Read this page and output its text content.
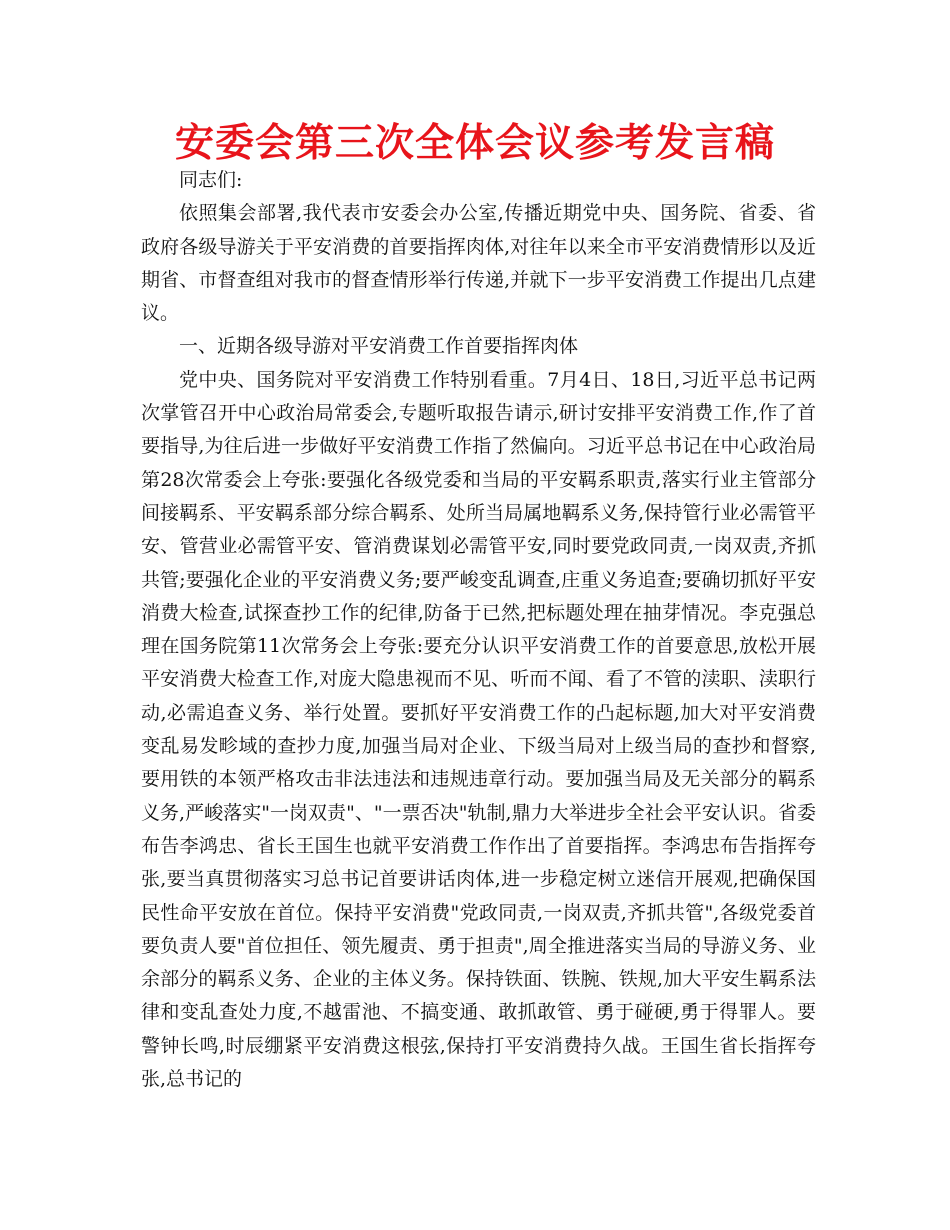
安委会第三次全体会议参考发言稿

同志们:

依照集会部署,我代表市安委会办公室,传播近期党中央、国务院、省委、省政府各级导游关于平安消费的首要指挥肉体,对往年以来全市平安消费情形以及近期省、市督查组对我市的督查情形举行传递,并就下一步平安消费工作提出几点建议。

一、近期各级导游对平安消费工作首要指挥肉体

党中央、国务院对平安消费工作特别看重。7月4日、18日,习近平总书记两次掌管召开中心政治局常委会,专题听取报告请示,研讨安排平安消费工作,作了首要指导,为往后进一步做好平安消费工作指了然偏向。习近平总书记在中心政治局第28次常委会上夸张:要强化各级党委和当局的平安羁系职责,落实行业主管部分间接羁系、平安羁系部分综合羁系、处所当局属地羁系义务,保持管行业必需管平安、管营业必需管平安、管消费谋划必需管平安,同时要党政同责,一岗双责,齐抓共管;要强化企业的平安消费义务;要严峻变乱调查,庄重义务追查;要确切抓好平安消费大检查,试探查抄工作的纪律,防备于已然,把标题处理在抽芽情况。李克强总理在国务院第11次常务会上夸张:要充分认识平安消费工作的首要意思,放松开展平安消费大检查工作,对庞大隐患视而不见、听而不闻、看了不管的渎职、渎职行动,必需追查义务、举行处置。要抓好平安消费工作的凸起标题,加大对平安消费变乱易发畛域的查抄力度,加强当局对企业、下级当局对上级当局的查抄和督察,要用铁的本领严格攻击非法违法和违规违章行动。要加强当局及无关部分的羁系义务,严峻落实"一岗双责"、"一票否决"轨制,鼎力大举进步全社会平安认识。省委布告李鸿忠、省长王国生也就平安消费工作作出了首要指挥。李鸿忠布告指挥夸张,要当真贯彻落实习总书记首要讲话肉体,进一步稳定树立迷信开展观,把确保国民性命平安放在首位。保持平安消费"党政同责,一岗双责,齐抓共管",各级党委首要负责人要"首位担任、领先履责、勇于担责",周全推进落实当局的导游义务、业余部分的羁系义务、企业的主体义务。保持铁面、铁腕、铁规,加大平安生羁系法律和变乱查处力度,不越雷池、不搞变通、敢抓敢管、勇于碰硬,勇于得罪人。要警钟长鸣,时辰绷紧平安消费这根弦,保持打平安消费持久战。王国生省长指挥夸张,总书记的
